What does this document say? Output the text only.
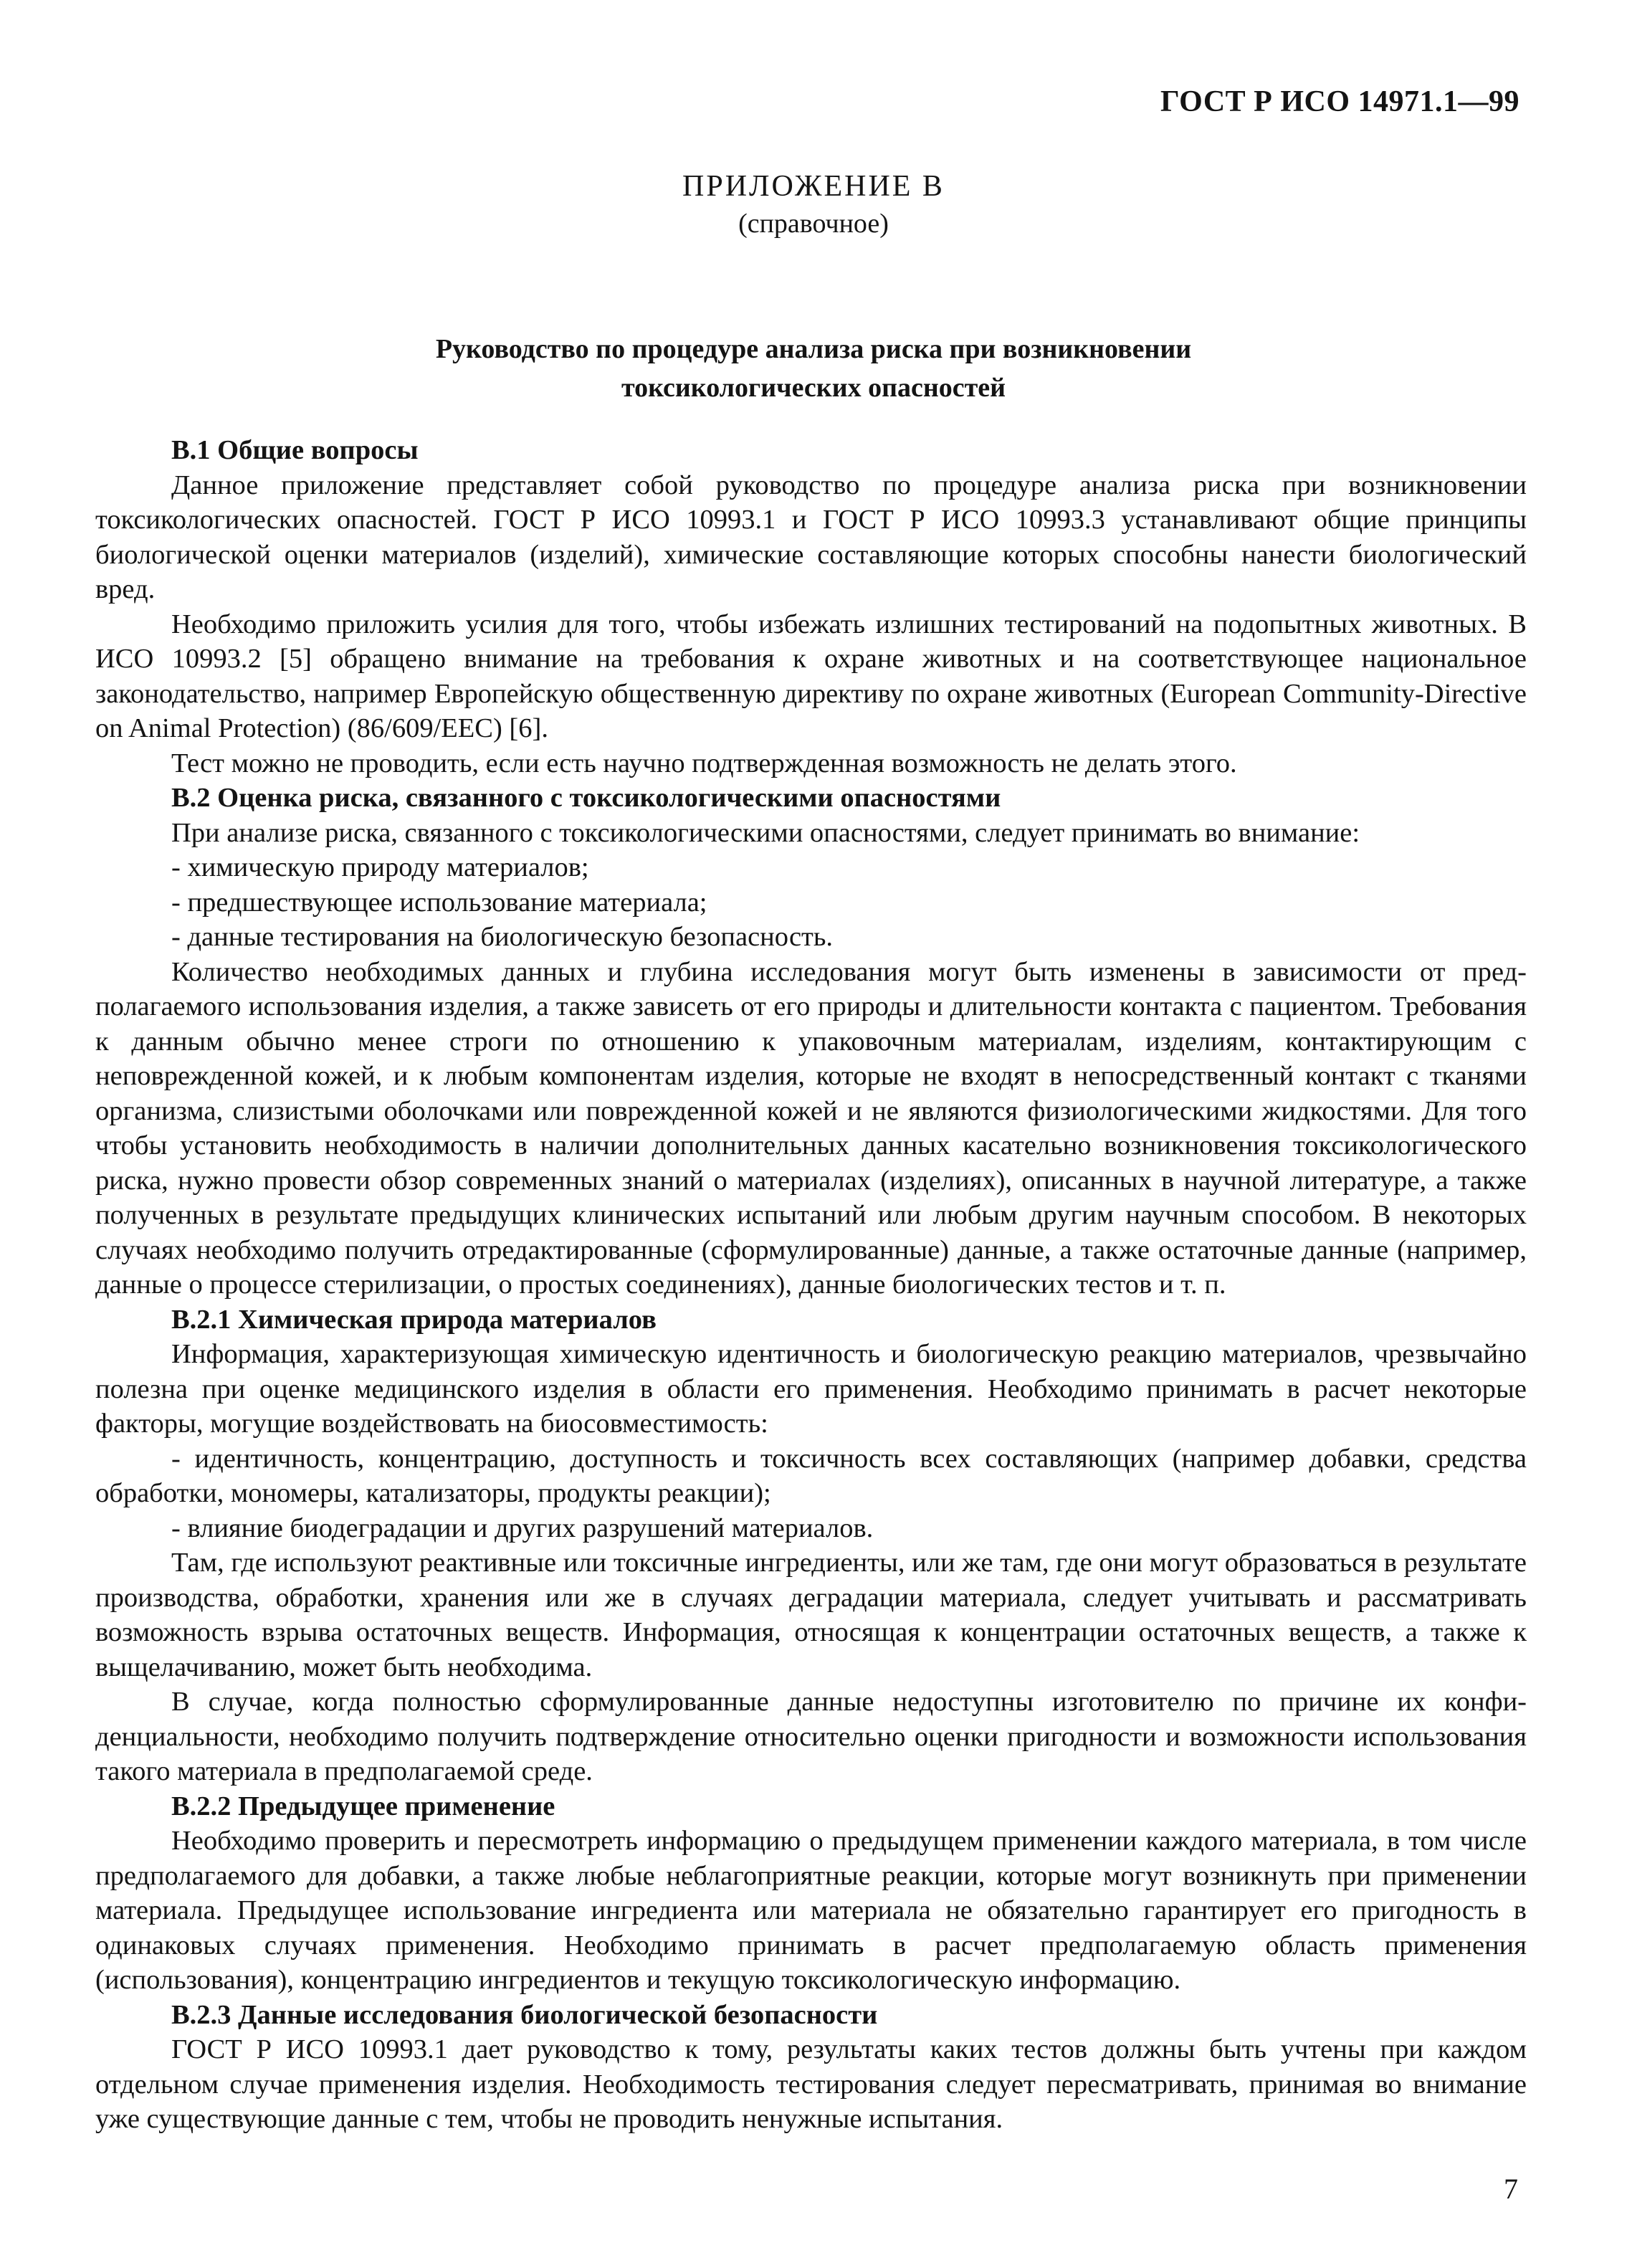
ГОСТ Р ИСО 14971.1—99
ПРИЛОЖЕНИЕ В
(справочное)
Руководство по процедуре анализа риска при возникновении
токсикологических опасностей
В.1 Общие вопросы

Данное приложение представляет собой руководство по процедуре анализа риска при возникновении токсикологических опасностей. ГОСТ Р ИСО 10993.1 и ГОСТ Р ИСО 10993.3 устанавливают общие принципы биологической оценки материалов (изделий), химические составляющие которых способны нанести биологический вред.

Необходимо приложить усилия для того, чтобы избежать излишних тестирований на подопытных животных. В ИСО 10993.2 [5] обращено внимание на требования к охране животных и на соответствующее национальное законодательство, например Европейскую общественную директиву по охране животных (European Community-Directive on Animal Protection) (86/609/EEC) [6].

Тест можно не проводить, если есть научно подтвержденная возможность не делать этого.

В.2 Оценка риска, связанного с токсикологическими опасностями

При анализе риска, связанного с токсикологическими опасностями, следует принимать во внимание:

- химическую природу материалов;

- предшествующее использование материала;

- данные тестирования на биологическую безопасность.

Количество необходимых данных и глубина исследования могут быть изменены в зависимости от предполагаемого использования изделия, а также зависеть от его природы и длительности контакта с пациентом. Требования к данным обычно менее строги по отношению к упаковочным материалам, изделиям, контактирующим с неповрежденной кожей, и к любым компонентам изделия, которые не входят в непосредственный контакт с тканями организма, слизистыми оболочками или поврежденной кожей и не являются физиологическими жидкостями. Для того чтобы установить необходимость в наличии дополнительных данных касательно возникновения токсикологического риска, нужно провести обзор современных знаний о материалах (изделиях), описанных в научной литературе, а также полученных в результате предыдущих клинических испытаний или любым другим научным способом. В некоторых случаях необходимо получить отредактированные (сформулированные) данные, а также остаточные данные (например, данные о процессе стерилизации, о простых соединениях), данные биологических тестов и т. п.

В.2.1 Химическая природа материалов

Информация, характеризующая химическую идентичность и биологическую реакцию материалов, чрезвычайно полезна при оценке медицинского изделия в области его применения. Необходимо принимать в расчет некоторые факторы, могущие воздействовать на биосовместимость:

- идентичность, концентрацию, доступность и токсичность всех составляющих (например добавки, средства обработки, мономеры, катализаторы, продукты реакции);

- влияние биодеградации и других разрушений материалов.

Там, где используют реактивные или токсичные ингредиенты, или же там, где они могут образоваться в результате производства, обработки, хранения или же в случаях деградации материала, следует учитывать и рассматривать возможность взрыва остаточных веществ. Информация, относящая к концентрации остаточных веществ, а также к выщелачиванию, может быть необходима.

В случае, когда полностью сформулированные данные недоступны изготовителю по причине их конфиденциальности, необходимо получить подтверждение относительно оценки пригодности и возможности использования такого материала в предполагаемой среде.

В.2.2 Предыдущее применение

Необходимо проверить и пересмотреть информацию о предыдущем применении каждого материала, в том числе предполагаемого для добавки, а также любые неблагоприятные реакции, которые могут возникнуть при применении материала. Предыдущее использование ингредиента или материала не обязательно гарантирует его пригодность в одинаковых случаях применения. Необходимо принимать в расчет предполагаемую область применения (использования), концентрацию ингредиентов и текущую токсикологическую информацию.

В.2.3 Данные исследования биологической безопасности

ГОСТ Р ИСО 10993.1 дает руководство к тому, результаты каких тестов должны быть учтены при каждом отдельном случае применения изделия. Необходимость тестирования следует пересматривать, принимая во внимание уже существующие данные с тем, чтобы не проводить ненужные испытания.

7
